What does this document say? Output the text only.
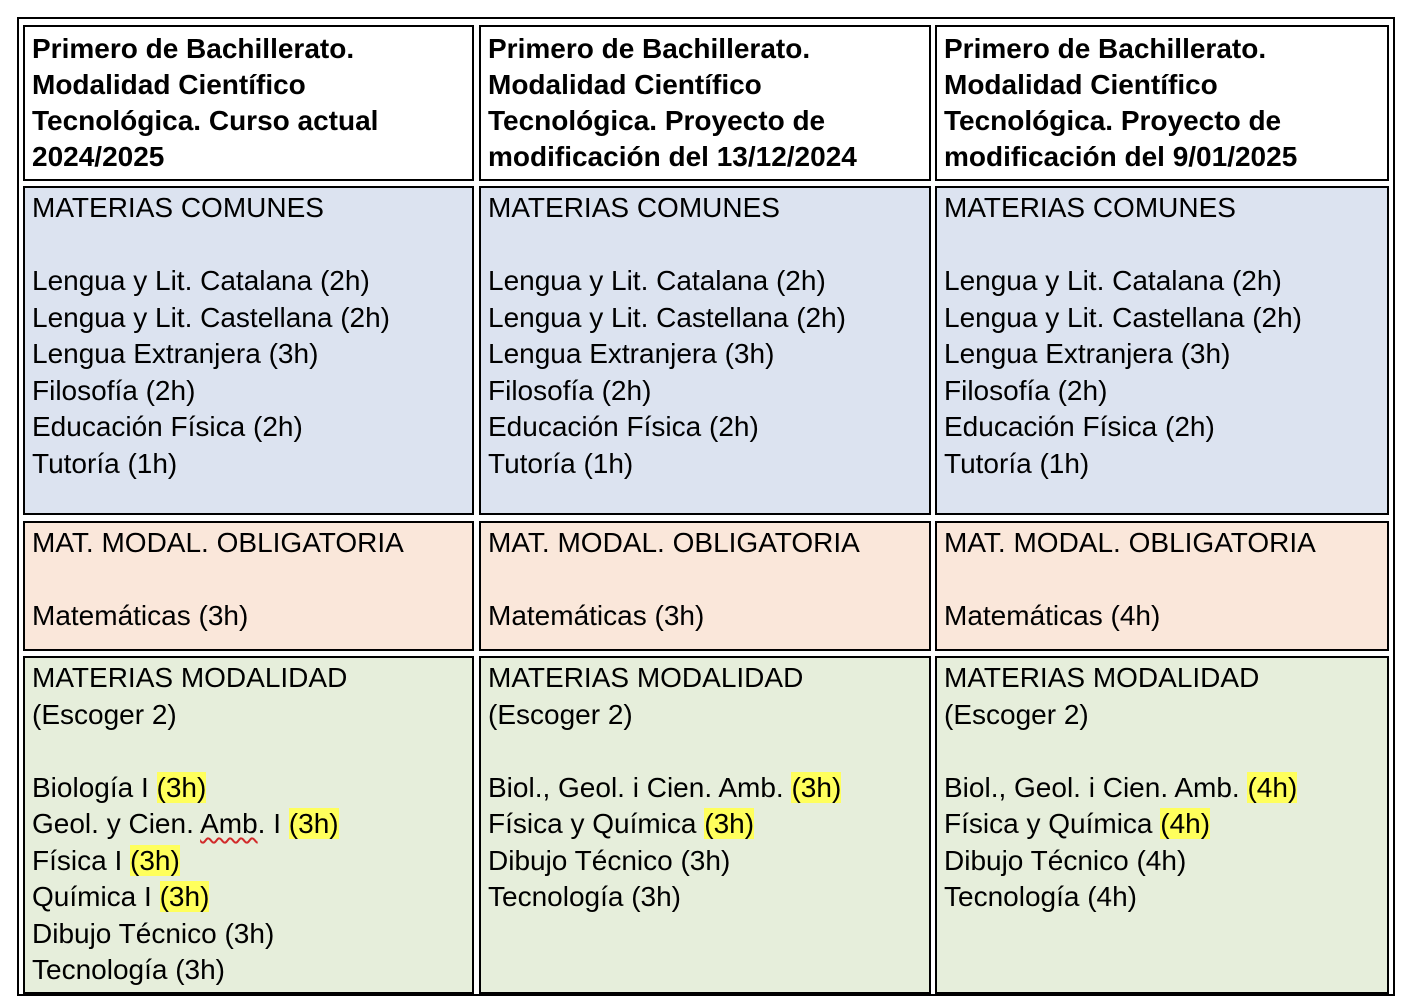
Primero de Bachillerato.
Modalidad Científico
Tecnológica. Curso actual
2024/2025
Primero de Bachillerato.
Modalidad Científico
Tecnológica. Proyecto de
modificación del 13/12/2024
Primero de Bachillerato.
Modalidad Científico
Tecnológica. Proyecto de
modificación del 9/01/2025
MATERIAS COMUNES
Lengua y Lit. Catalana (2h)
Lengua y Lit. Castellana (2h)
Lengua Extranjera (3h)
Filosofía (2h)
Educación Física (2h)
Tutoría (1h)
MATERIAS COMUNES
Lengua y Lit. Catalana (2h)
Lengua y Lit. Castellana (2h)
Lengua Extranjera (3h)
Filosofía (2h)
Educación Física (2h)
Tutoría (1h)
MATERIAS COMUNES
Lengua y Lit. Catalana (2h)
Lengua y Lit. Castellana (2h)
Lengua Extranjera (3h)
Filosofía (2h)
Educación Física (2h)
Tutoría (1h)
MAT. MODAL. OBLIGATORIA
Matemáticas (3h)
MAT. MODAL. OBLIGATORIA
Matemáticas (3h)
MAT. MODAL. OBLIGATORIA
Matemáticas (4h)
MATERIAS MODALIDAD
(Escoger 2)
Biología I (3h)
Geol. y Cien. Amb. I (3h)
Física I (3h)
Química I (3h)
Dibujo Técnico (3h)
Tecnología (3h)
MATERIAS MODALIDAD
(Escoger 2)
Biol., Geol. i Cien. Amb. (3h)
Física y Química (3h)
Dibujo Técnico (3h)
Tecnología (3h)
MATERIAS MODALIDAD
(Escoger 2)
Biol., Geol. i Cien. Amb. (4h)
Física y Química (4h)
Dibujo Técnico (4h)
Tecnología (4h)
